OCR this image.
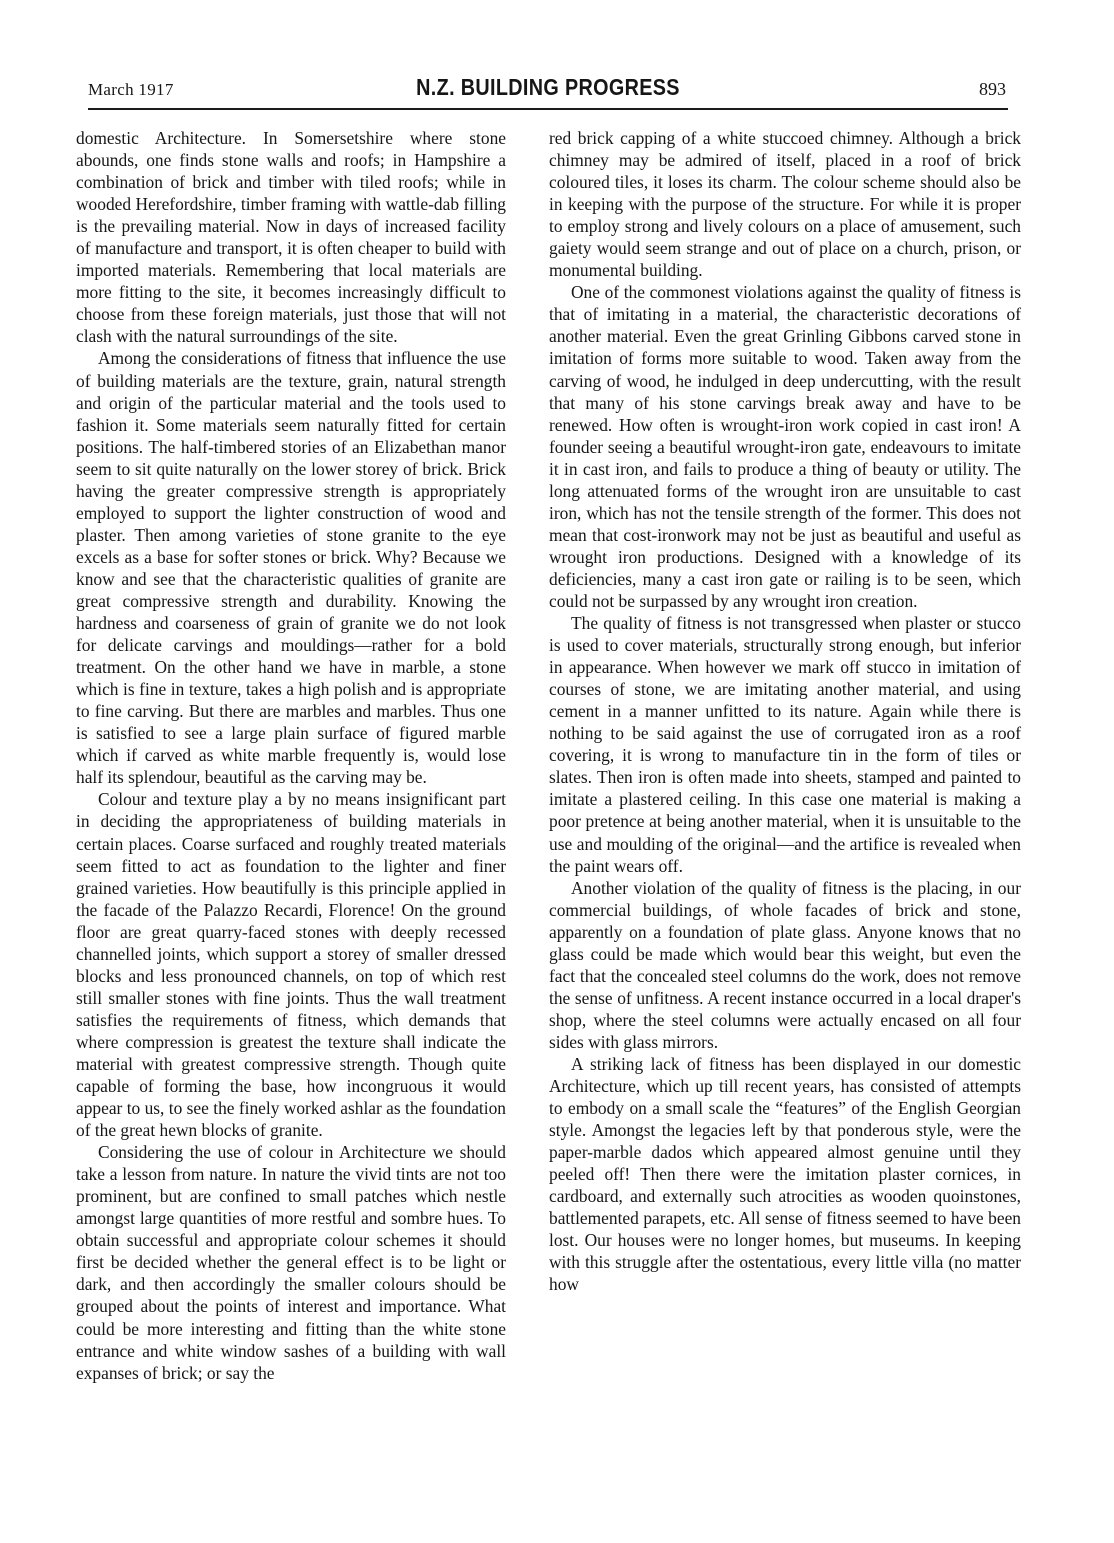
March 1917	N.Z. BUILDING PROGRESS	893

domestic Architecture. In Somersetshire where stone abounds, one finds stone walls and roofs; in Hampshire a combination of brick and timber with tiled roofs; while in wooded Herefordshire, timber framing with wattle-dab filling is the prevailing material. Now in days of increased facility of manufacture and transport, it is often cheaper to build with imported materials. Remembering that local materials are more fitting to the site, it becomes increasingly difficult to choose from these foreign materials, just those that will not clash with the natural surroundings of the site.

Among the considerations of fitness that influence the use of building materials are the texture, grain, natural strength and origin of the particular material and the tools used to fashion it. Some materials seem naturally fitted for certain positions. The half-timbered stories of an Elizabethan manor seem to sit quite naturally on the lower storey of brick. Brick having the greater compressive strength is appropriately employed to support the lighter construction of wood and plaster. Then among varieties of stone granite to the eye excels as a base for softer stones or brick. Why? Because we know and see that the characteristic qualities of granite are great compressive strength and durability. Knowing the hardness and coarseness of grain of granite we do not look for delicate carvings and mouldings—rather for a bold treatment. On the other hand we have in marble, a stone which is fine in texture, takes a high polish and is appropriate to fine carving. But there are marbles and marbles. Thus one is satisfied to see a large plain surface of figured marble which if carved as white marble frequently is, would lose half its splendour, beautiful as the carving may be.

Colour and texture play a by no means insignificant part in deciding the appropriateness of building materials in certain places. Coarse surfaced and roughly treated materials seem fitted to act as foundation to the lighter and finer grained varieties. How beautifully is this principle applied in the facade of the Palazzo Recardi, Florence! On the ground floor are great quarry-faced stones with deeply recessed channelled joints, which support a storey of smaller dressed blocks and less pronounced channels, on top of which rest still smaller stones with fine joints. Thus the wall treatment satisfies the requirements of fitness, which demands that where compression is greatest the texture shall indicate the material with greatest compressive strength. Though quite capable of forming the base, how incongruous it would appear to us, to see the finely worked ashlar as the foundation of the great hewn blocks of granite.

Considering the use of colour in Architecture we should take a lesson from nature. In nature the vivid tints are not too prominent, but are confined to small patches which nestle amongst large quantities of more restful and sombre hues. To obtain successful and appropriate colour schemes it should first be decided whether the general effect is to be light or dark, and then accordingly the smaller colours should be grouped about the points of interest and importance. What could be more interesting and fitting than the white stone entrance and white window sashes of a building with wall expanses of brick; or say the

red brick capping of a white stuccoed chimney. Although a brick chimney may be admired of itself, placed in a roof of brick coloured tiles, it loses its charm. The colour scheme should also be in keeping with the purpose of the structure. For while it is proper to employ strong and lively colours on a place of amusement, such gaiety would seem strange and out of place on a church, prison, or monumental building.

One of the commonest violations against the quality of fitness is that of imitating in a material, the characteristic decorations of another material. Even the great Grinling Gibbons carved stone in imitation of forms more suitable to wood. Taken away from the carving of wood, he indulged in deep undercutting, with the result that many of his stone carvings break away and have to be renewed. How often is wrought-iron work copied in cast iron! A founder seeing a beautiful wrought-iron gate, endeavours to imitate it in cast iron, and fails to produce a thing of beauty or utility. The long attenuated forms of the wrought iron are unsuitable to cast iron, which has not the tensile strength of the former. This does not mean that cost-ironwork may not be just as beautiful and useful as wrought iron productions. Designed with a knowledge of its deficiencies, many a cast iron gate or railing is to be seen, which could not be surpassed by any wrought iron creation.

The quality of fitness is not transgressed when plaster or stucco is used to cover materials, structurally strong enough, but inferior in appearance. When however we mark off stucco in imitation of courses of stone, we are imitating another material, and using cement in a manner unfitted to its nature. Again while there is nothing to be said against the use of corrugated iron as a roof covering, it is wrong to manufacture tin in the form of tiles or slates. Then iron is often made into sheets, stamped and painted to imitate a plastered ceiling. In this case one material is making a poor pretence at being another material, when it is unsuitable to the use and moulding of the original—and the artifice is revealed when the paint wears off.

Another violation of the quality of fitness is the placing, in our commercial buildings, of whole facades of brick and stone, apparently on a foundation of plate glass. Anyone knows that no glass could be made which would bear this weight, but even the fact that the concealed steel columns do the work, does not remove the sense of unfitness. A recent instance occurred in a local draper's shop, where the steel columns were actually encased on all four sides with glass mirrors.

A striking lack of fitness has been displayed in our domestic Architecture, which up till recent years, has consisted of attempts to embody on a small scale the “features” of the English Georgian style. Amongst the legacies left by that ponderous style, were the paper-marble dados which appeared almost genuine until they peeled off! Then there were the imitation plaster cornices, in cardboard, and externally such atrocities as wooden quoinstones, battlemented parapets, etc. All sense of fitness seemed to have been lost. Our houses were no longer homes, but museums. In keeping with this struggle after the ostentatious, every little villa (no matter how
